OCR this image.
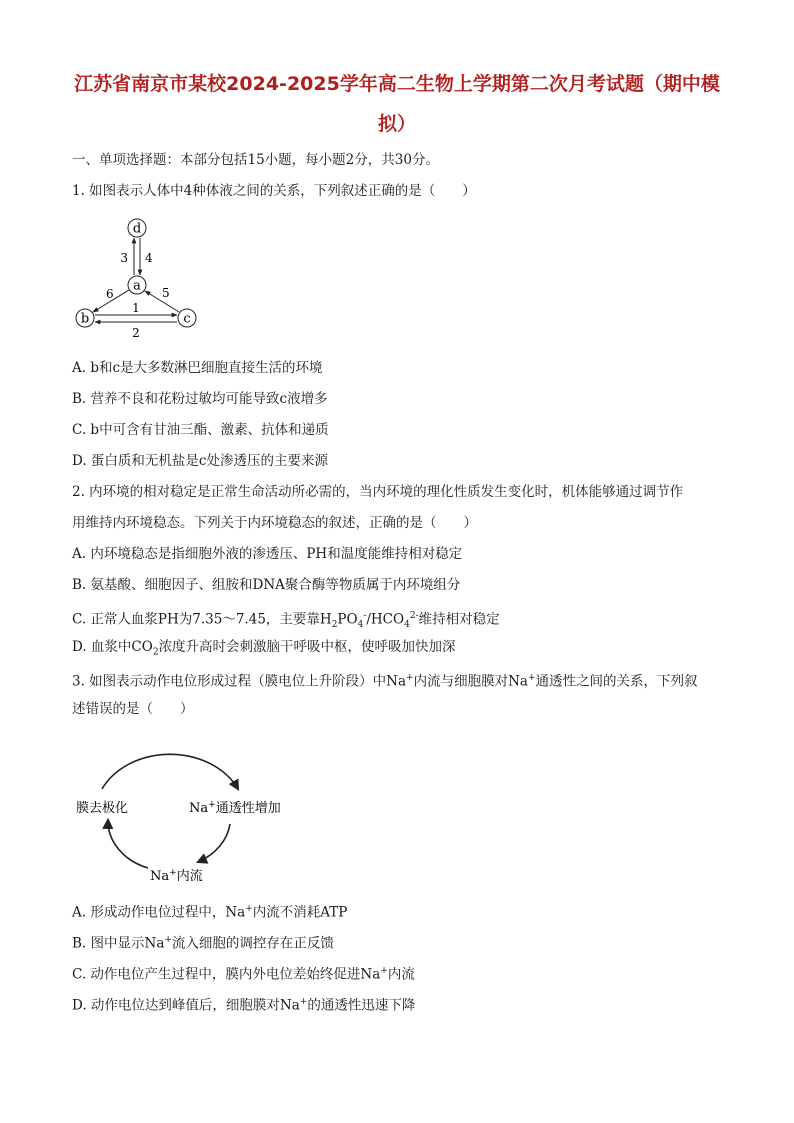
江苏省南京市某校2024-2025学年高二生物上学期第二次月考试题（期中模拟）
一、单项选择题：本部分包括15小题，每小题2分，共30分。
1. 如图表示人体中4种体液之间的关系，下列叙述正确的是（　　）
d
a
b	c
3 4
6	5
1
2
A. b和c是大多数淋巴细胞直接生活的环境
B. 营养不良和花粉过敏均可能导致c液增多
C. b中可含有甘油三酯、激素、抗体和递质
D. 蛋白质和无机盐是c处渗透压的主要来源
2. 内环境的相对稳定是正常生命活动所必需的，当内环境的理化性质发生变化时，机体能够通过调节作
用维持内环境稳态。下列关于内环境稳态的叙述，正确的是（　　）
A. 内环境稳态是指细胞外液的渗透压、PH和温度能维持相对稳定
B. 氨基酸、细胞因子、组胺和DNA聚合酶等物质属于内环境组分
C. 正常人血浆PH为7.35～7.45，主要靠$H_2PO_4^-/HCO_4^{2-}$维持相对稳定
D. 血浆中$CO_2$浓度升高时会刺激脑干呼吸中枢，使呼吸加快加深
3. 如图表示动作电位形成过程（膜电位上升阶段）中Na+内流与细胞膜对Na+通透性之间的关系，下列叙
述错误的是（　　）
膜去极化	Na+通透性增加
Na+内流
A. 形成动作电位过程中，Na+内流不消耗ATP
B. 图中显示Na+流入细胞的调控存在正反馈
C. 动作电位产生过程中，膜内外电位差始终促进Na+内流
D. 动作电位达到峰值后，细胞膜对Na+的通透性迅速下降
